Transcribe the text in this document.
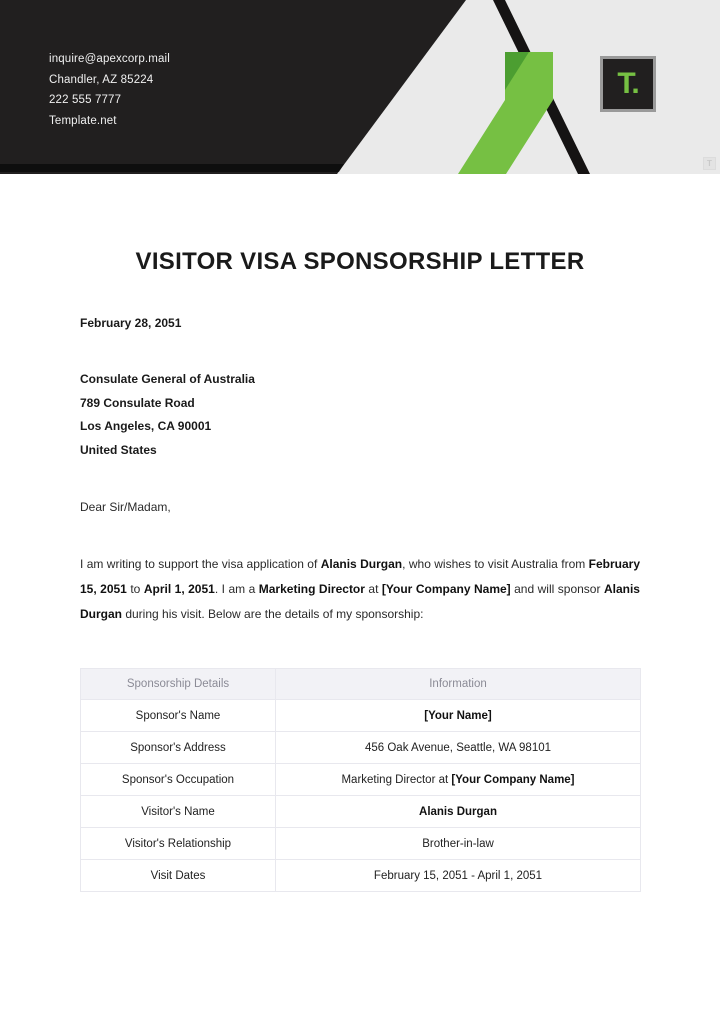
inquire@apexcorp.mail
Chandler, AZ 85224
222 555 7777
Template.net
T.
T
VISITOR VISA SPONSORSHIP LETTER

February 28, 2051

Consulate General of Australia
789 Consulate Road
Los Angeles, CA 90001
United States

Dear Sir/Madam,

I am writing to support the visa application of Alanis Durgan, who wishes to visit Australia from February 15, 2051 to April 1, 2051. I am a Marketing Director at [Your Company Name] and will sponsor Alanis Durgan during his visit. Below are the details of my sponsorship:

Sponsorship Details	Information
Sponsor's Name	[Your Name]
Sponsor's Address	456 Oak Avenue, Seattle, WA 98101
Sponsor's Occupation	Marketing Director at [Your Company Name]
Visitor's Name	Alanis Durgan
Visitor's Relationship	Brother-in-law
Visit Dates	February 15, 2051 - April 1, 2051
